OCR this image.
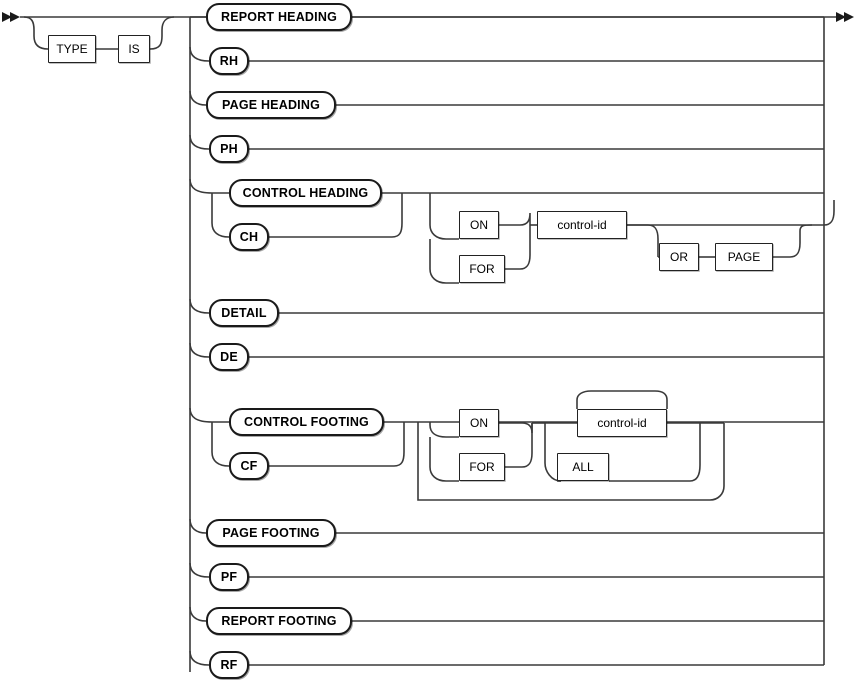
TYPE	IS
REPORT HEADING
RH
PAGE HEADING
PH
CONTROL HEADING
CH
ON
FOR
control-id
OR	PAGE
DETAIL
DE
CONTROL FOOTING
CF
ON
FOR
control-id
ALL
PAGE FOOTING
PF
REPORT FOOTING
RF
